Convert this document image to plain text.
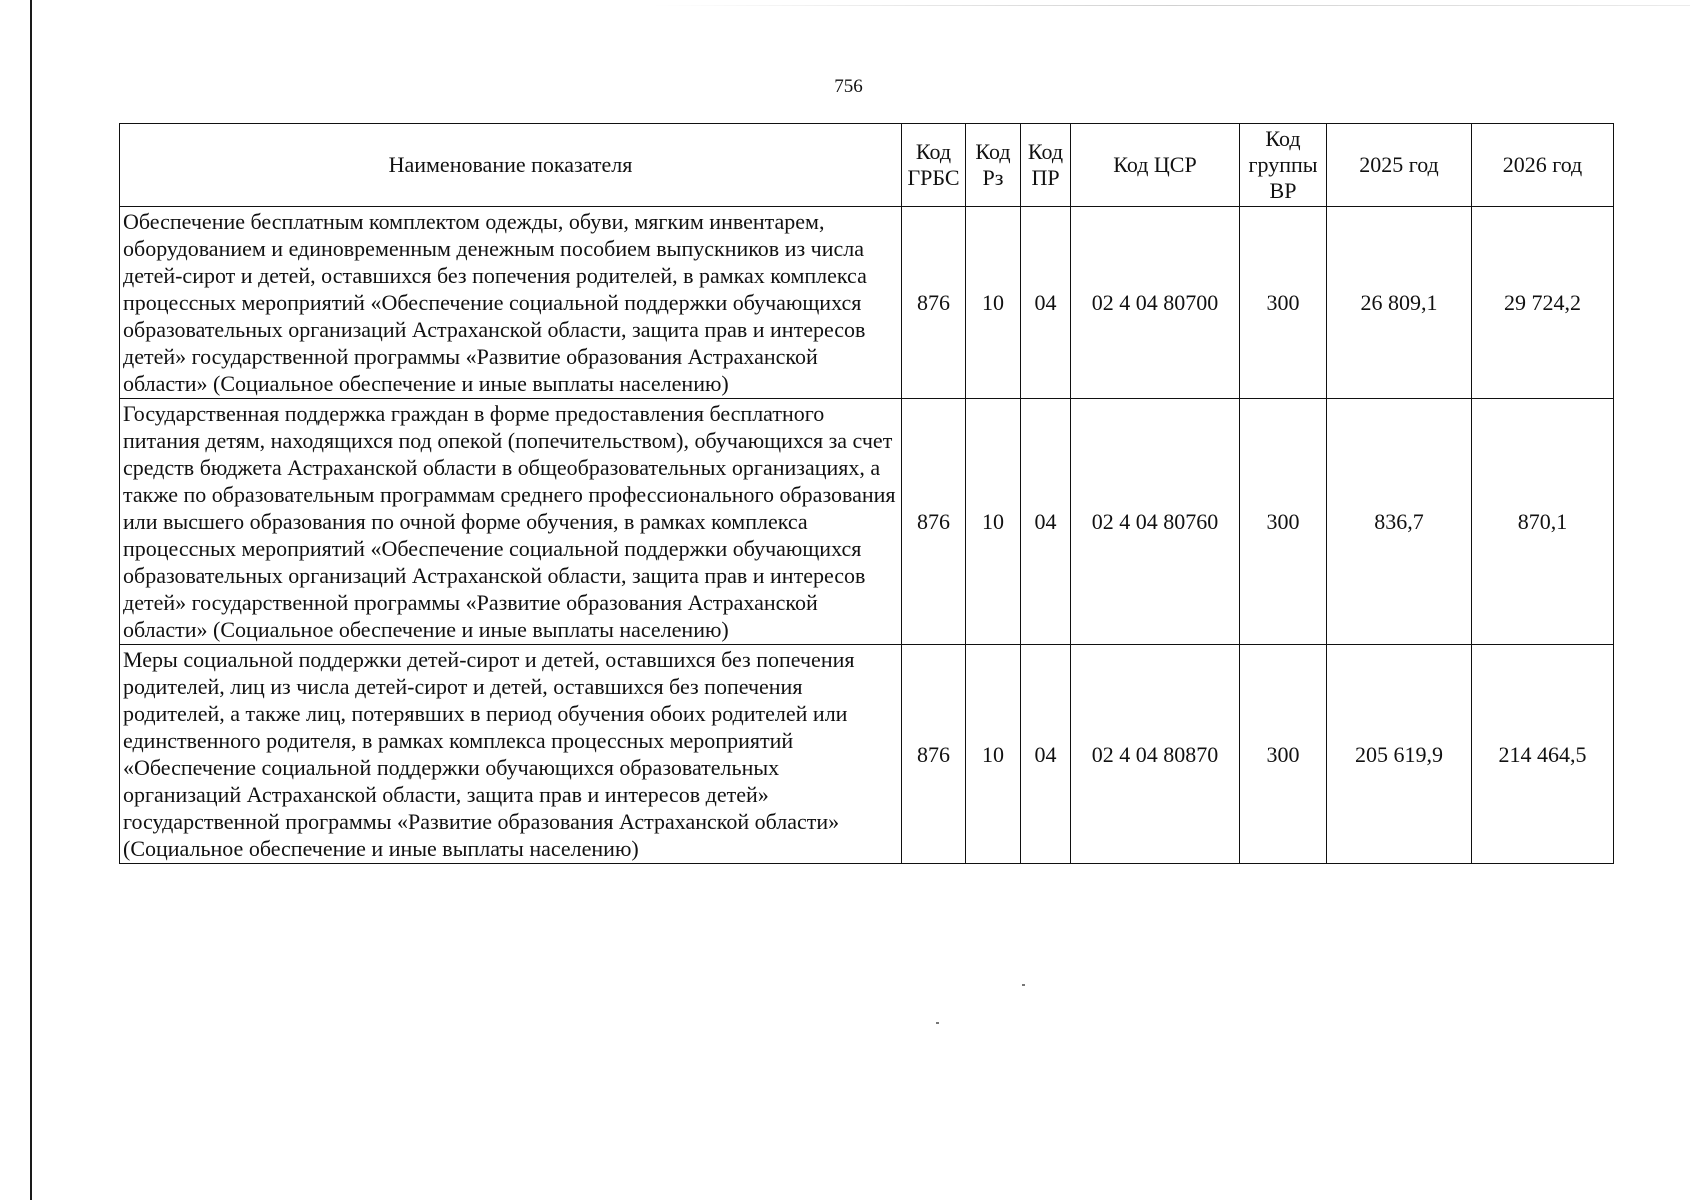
756
Наименование показателя	Код ГРБС	Код Рз	Код ПР	Код ЦСР	Код группы ВР	2025 год	2026 год
Обеспечение бесплатным комплектом одежды, обуви, мягким инвентарем, оборудованием и единовременным денежным пособием выпускников из числа детей-сирот и детей, оставшихся без попечения родителей, в рамках комплекса процессных мероприятий «Обеспечение социальной поддержки обучающихся образовательных организаций Астраханской области, защита прав и интересов детей» государственной программы «Развитие образования Астраханской области» (Социальное обеспечение и иные выплаты населению)	876	10	04	02 4 04 80700	300	26 809,1	29 724,2
Государственная поддержка граждан в форме предоставления бесплатного питания детям, находящихся под опекой (попечительством), обучающихся за счет средств бюджета Астраханской области в общеобразовательных организациях, а также по образовательным программам среднего профессионального образования или высшего образования по очной форме обучения, в рамках комплекса процессных мероприятий «Обеспечение социальной поддержки обучающихся образовательных организаций Астраханской области, защита прав и интересов детей» государственной программы «Развитие образования Астраханской области» (Социальное обеспечение и иные выплаты населению)	876	10	04	02 4 04 80760	300	836,7	870,1
Меры социальной поддержки детей-сирот и детей, оставшихся без попечения родителей, лиц из числа детей-сирот и детей, оставшихся без попечения родителей, а также лиц, потерявших в период обучения обоих родителей или единственного родителя, в рамках комплекса процессных мероприятий «Обеспечение социальной поддержки обучающихся образовательных организаций Астраханской области, защита прав и интересов детей» государственной программы «Развитие образования Астраханской области» (Социальное обеспечение и иные выплаты населению)	876	10	04	02 4 04 80870	300	205 619,9	214 464,5
